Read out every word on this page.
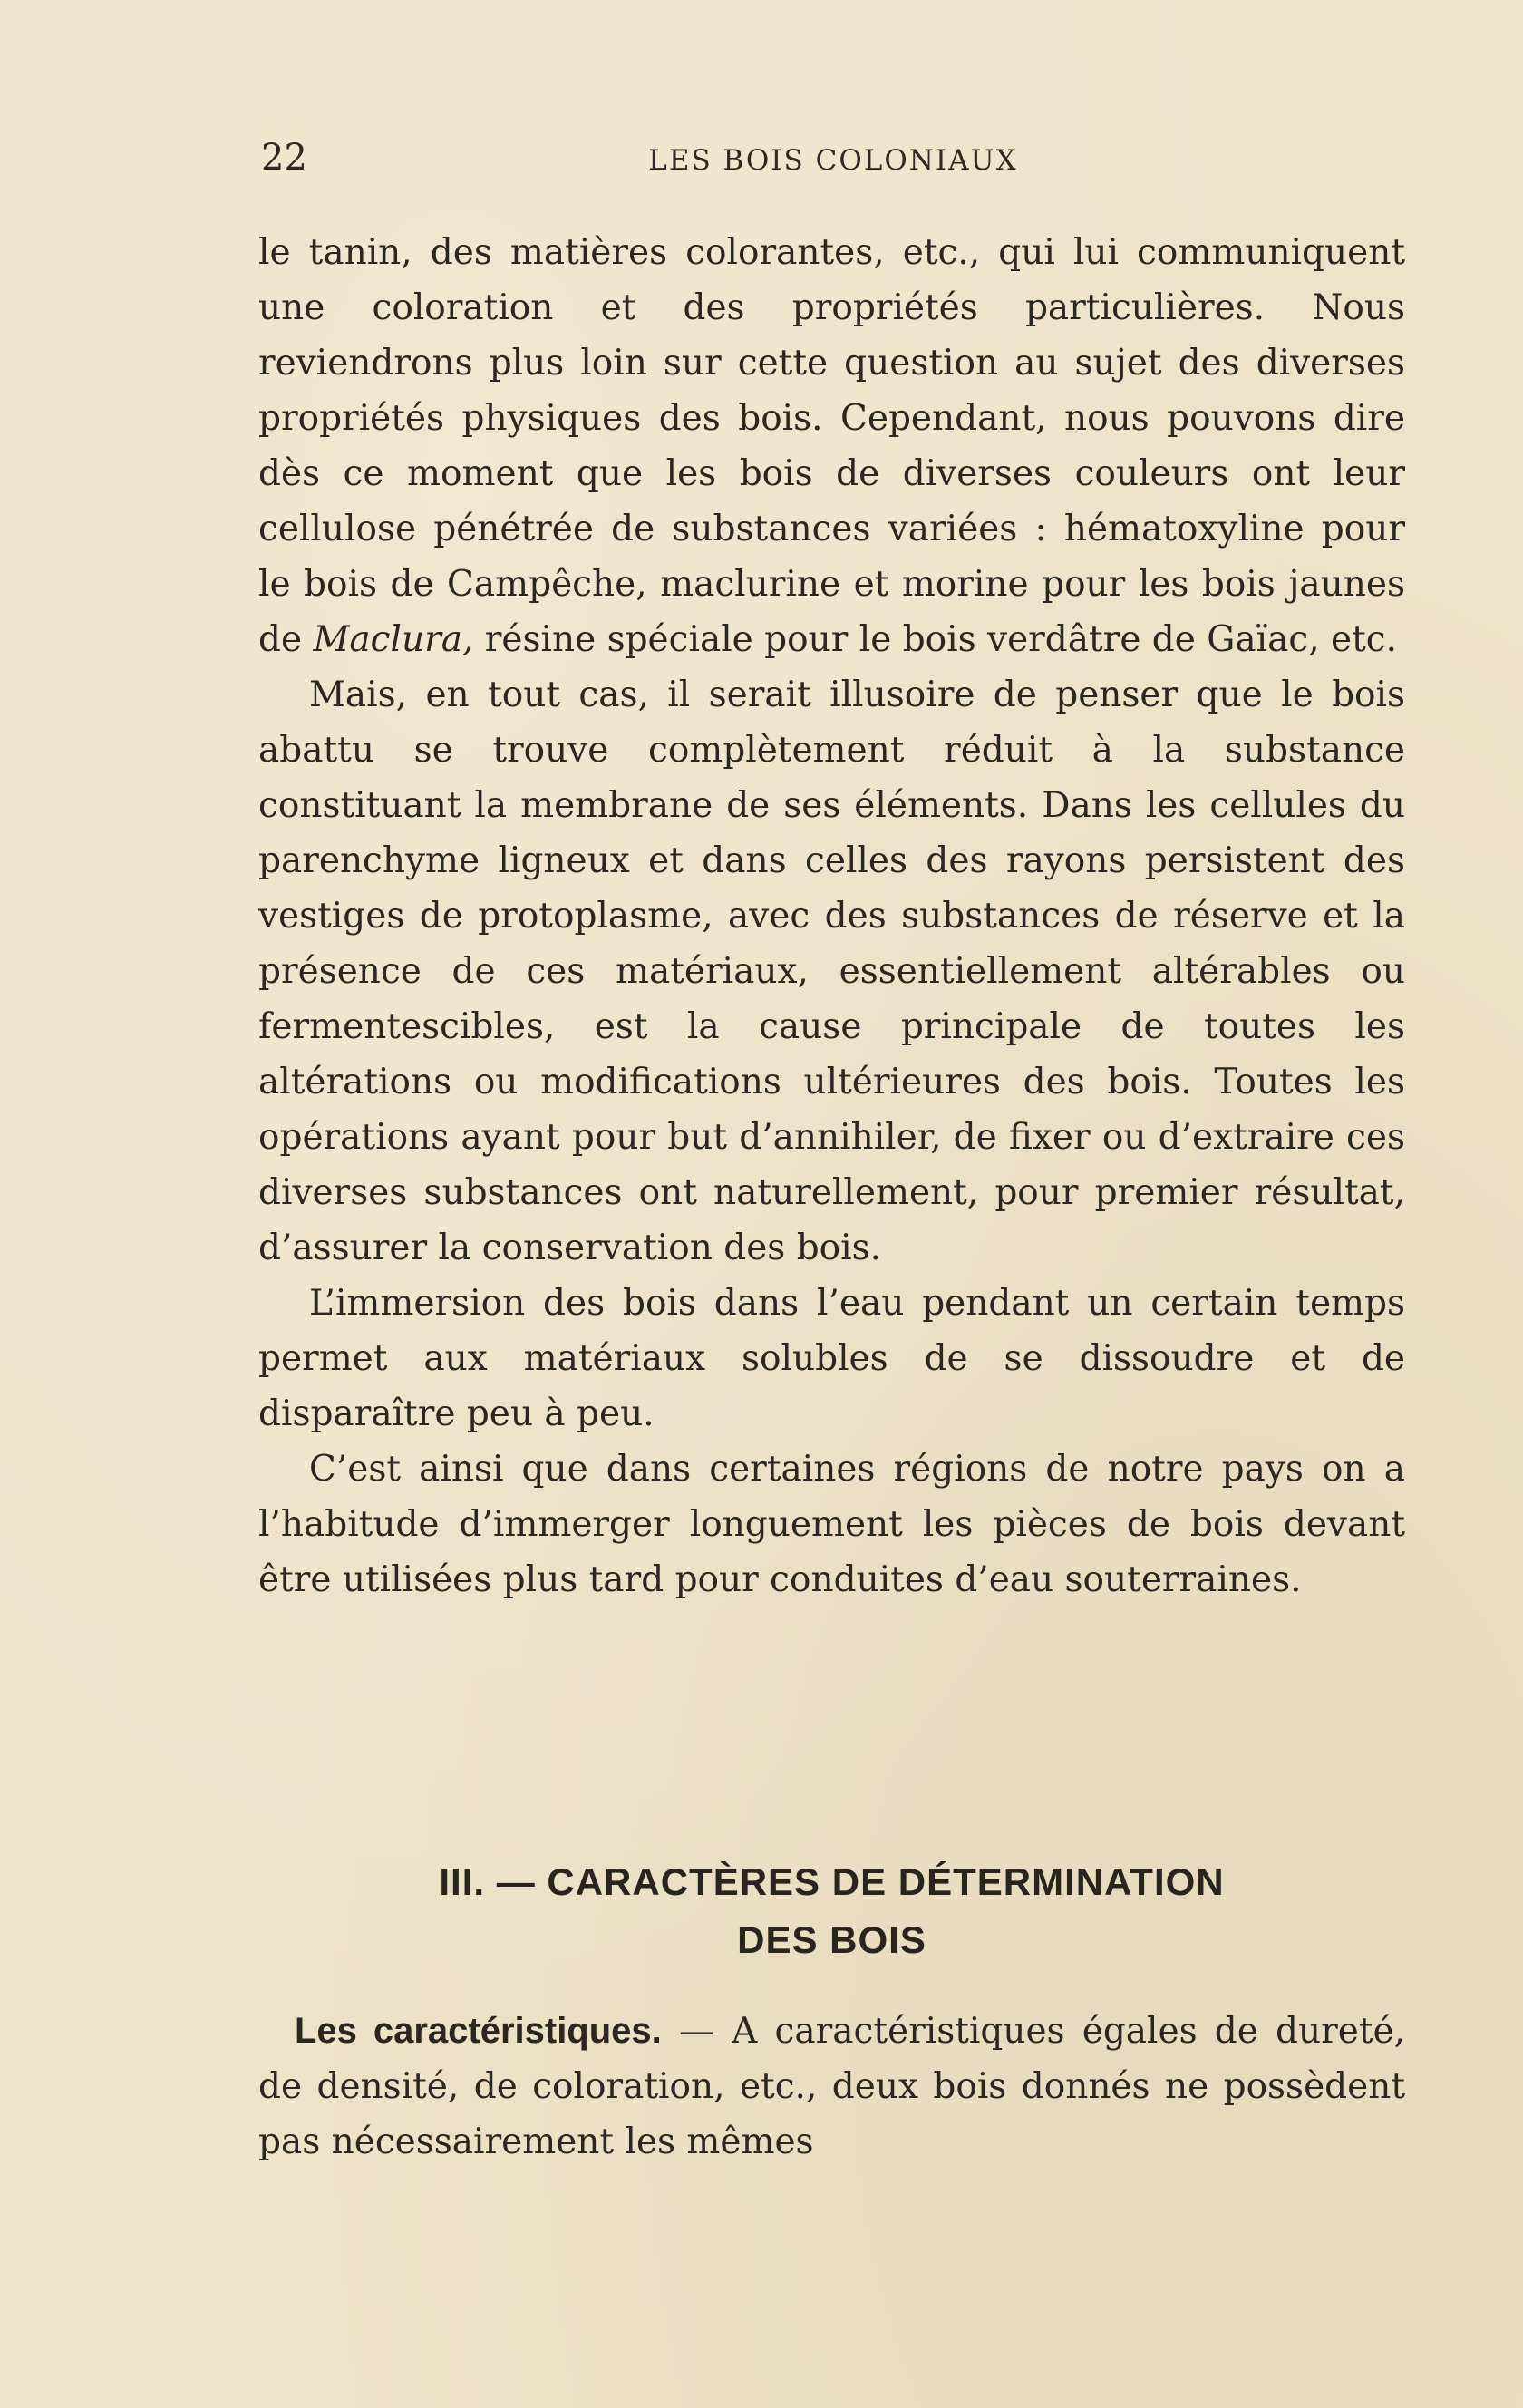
22	LES BOIS COLONIAUX

le tanin, des matières colorantes, etc., qui lui communiquent une coloration et des propriétés particulières. Nous reviendrons plus loin sur cette question au sujet des diverses propriétés physiques des bois. Cependant, nous pouvons dire dès ce moment que les bois de diverses couleurs ont leur cellulose pénétrée de substances variées : hématoxyline pour le bois de Campêche, maclurine et morine pour les bois jaunes de Maclura, résine spéciale pour le bois verdâtre de Gaïac, etc.

Mais, en tout cas, il serait illusoire de penser que le bois abattu se trouve complètement réduit à la substance constituant la membrane de ses éléments. Dans les cellules du parenchyme ligneux et dans celles des rayons persistent des vestiges de protoplasme, avec des substances de réserve et la présence de ces matériaux, essentiellement altérables ou fermentescibles, est la cause principale de toutes les altérations ou modifications ultérieures des bois. Toutes les opérations ayant pour but d’annihiler, de fixer ou d’extraire ces diverses substances ont naturellement, pour premier résultat, d’assurer la conservation des bois.

L’immersion des bois dans l’eau pendant un certain temps permet aux matériaux solubles de se dissoudre et de disparaître peu à peu.

C’est ainsi que dans certaines régions de notre pays on a l’habitude d’immerger longuement les pièces de bois devant être utilisées plus tard pour conduites d’eau souterraines.

III. — CARACTÈRES DE DÉTERMINATION
DES BOIS

Les caractéristiques. — A caractéristiques égales de dureté, de densité, de coloration, etc., deux bois donnés ne possèdent pas nécessairement les mêmes
